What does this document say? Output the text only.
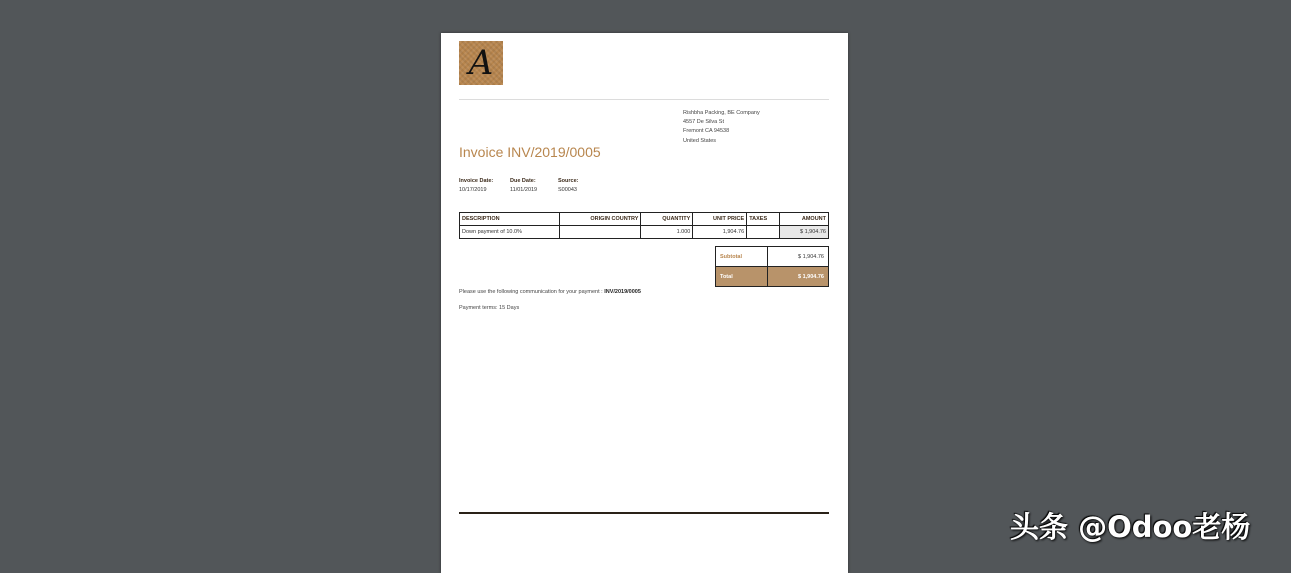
A
Rishbha Packing, BE Company
4557 De Silva St
Fremont CA 94538
United States
Invoice INV/2019/0005
Invoice Date:
10/17/2019
Due Date:
11/01/2019
Source:
S00043
DESCRIPTION	ORIGIN COUNTRY	QUANTITY	UNIT PRICE	TAXES	AMOUNT
Down payment of 10.0%		1.000	1,904.76		$ 1,904.76
Subtotal	$ 1,904.76
Total	$ 1,904.76
Please use the following communication for your payment : INV/2019/0005
Payment terms: 15 Days
头条 @Odoo老杨
